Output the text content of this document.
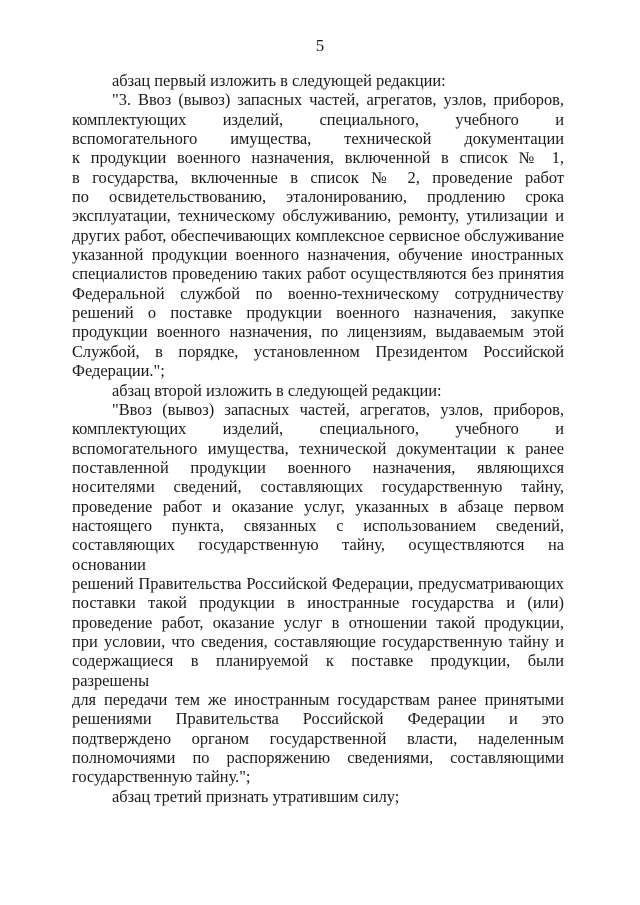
5

абзац первый изложить в следующей редакции:

"3. Ввоз (вывоз) запасных частей, агрегатов, узлов, приборов,
комплектующих изделий, специального, учебного и
вспомогательного имущества, технической документации
к продукции военного назначения, включенной в список № 1,
в государства, включенные в список № 2, проведение работ
по освидетельствованию, эталонированию, продлению срока
эксплуатации, техническому обслуживанию, ремонту, утилизации и
других работ, обеспечивающих комплексное сервисное обслуживание
указанной продукции военного назначения, обучение иностранных
специалистов проведению таких работ осуществляются без принятия
Федеральной службой по военно-техническому сотрудничеству
решений о поставке продукции военного назначения, закупке
продукции военного назначения, по лицензиям, выдаваемым этой
Службой, в порядке, установленном Президентом Российской
Федерации.";

абзац второй изложить в следующей редакции:

"Ввоз (вывоз) запасных частей, агрегатов, узлов, приборов,
комплектующих изделий, специального, учебного и
вспомогательного имущества, технической документации к ранее
поставленной продукции военного назначения, являющихся
носителями сведений, составляющих государственную тайну,
проведение работ и оказание услуг, указанных в абзаце первом
настоящего пункта, связанных с использованием сведений,
составляющих государственную тайну, осуществляются на основании
решений Правительства Российской Федерации, предусматривающих
поставки такой продукции в иностранные государства и (или)
проведение работ, оказание услуг в отношении такой продукции,
при условии, что сведения, составляющие государственную тайну и
содержащиеся в планируемой к поставке продукции, были разрешены
для передачи тем же иностранным государствам ранее принятыми
решениями Правительства Российской Федерации и это
подтверждено органом государственной власти, наделенным
полномочиями по распоряжению сведениями, составляющими
государственную тайну.";

абзац третий признать утратившим силу;
